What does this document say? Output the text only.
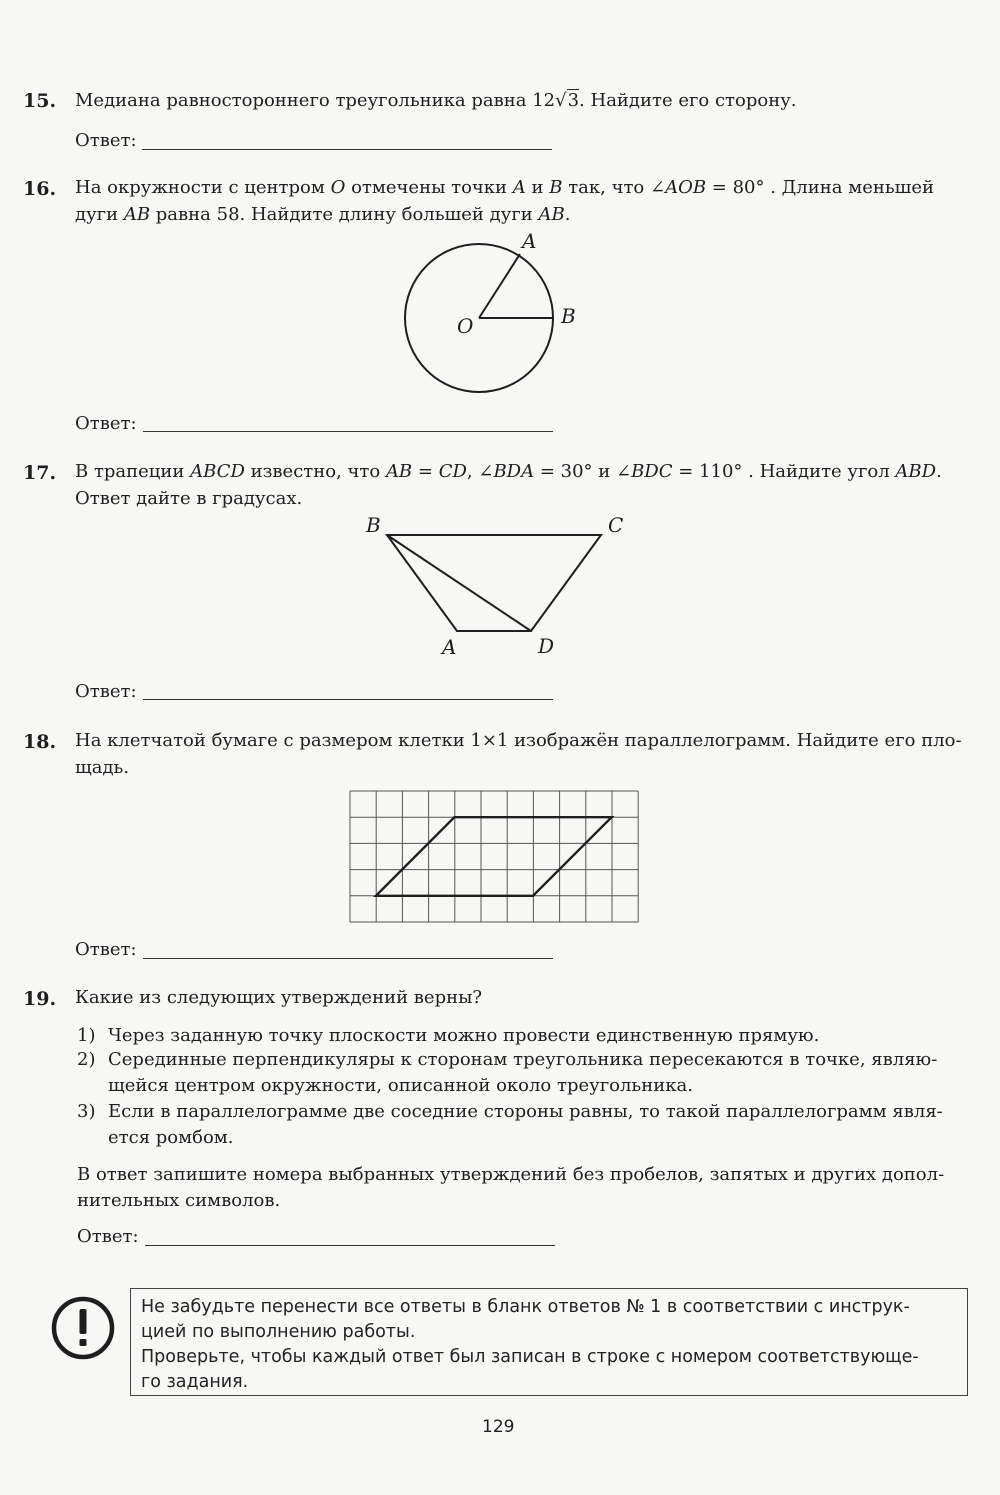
15. Медиана равностороннего треугольника равна 12√3. Найдите его сторону.
Ответ:
16. На окружности с центром O отмечены точки A и B так, что ∠AOB = 80° . Длина меньшей
дуги AB равна 58. Найдите длину большей дуги AB.
A
B
O
Ответ:
17. В трапеции ABCD известно, что AB = CD, ∠BDA = 30° и ∠BDC = 110° . Найдите угол ABD.
Ответ дайте в градусах.
B	C
A	D
Ответ:
18. На клетчатой бумаге с размером клетки 1×1 изображён параллелограмм. Найдите его пло-
щадь.
Ответ:
19. Какие из следующих утверждений верны?
1) Через заданную точку плоскости можно провести единственную прямую.
2) Серединные перпендикуляры к сторонам треугольника пересекаются в точке, являю-
щейся центром окружности, описанной около треугольника.
3) Если в параллелограмме две соседние стороны равны, то такой параллелограмм явля-
ется ромбом.
В ответ запишите номера выбранных утверждений без пробелов, запятых и других допол-
нительных символов.
Ответ:

Не забудьте перенести все ответы в бланк ответов № 1 в соответствии с инструк-

цией по выполнению работы.

Проверьте, чтобы каждый ответ был записан в строке с номером соответствующе-

го задания.

129
